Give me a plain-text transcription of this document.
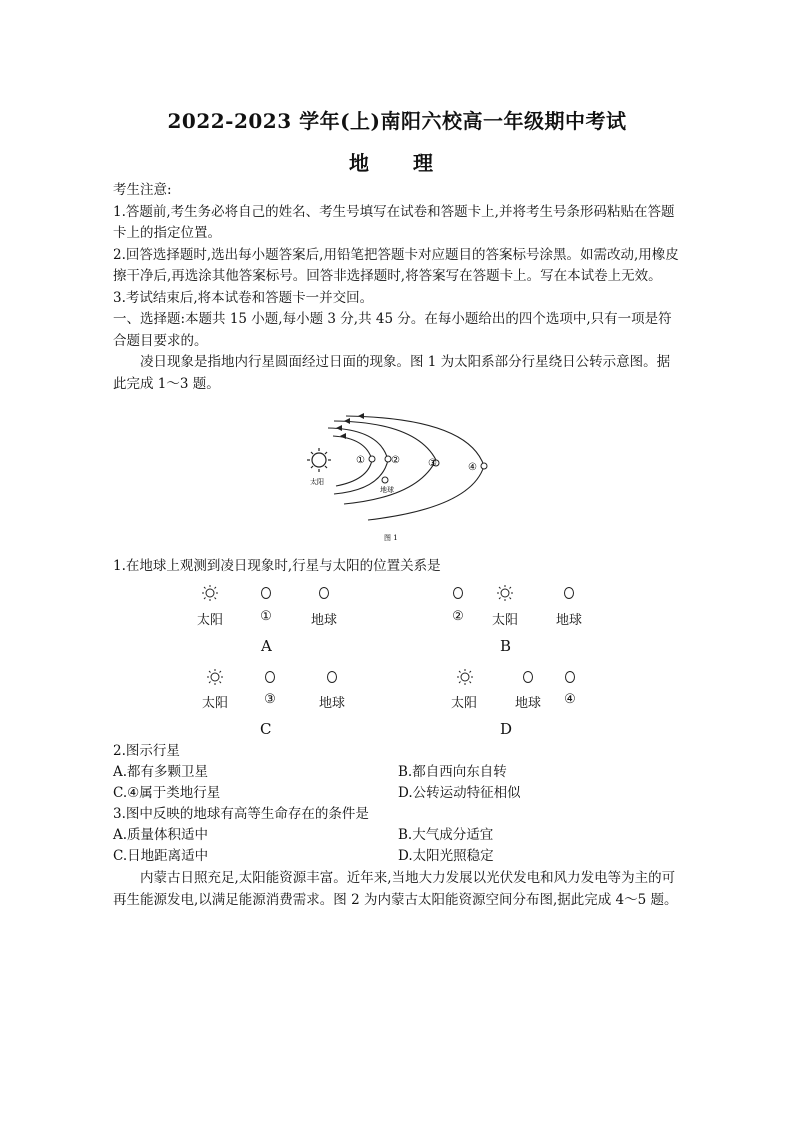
2022-2023 学年(上)南阳六校高一年级期中考试
地　理

考生注意:

1.答题前,考生务必将自己的姓名、考生号填写在试卷和答题卡上,并将考生号条形码粘贴在答题卡上的指定位置。

2.回答选择题时,选出每小题答案后,用铅笔把答题卡对应题目的答案标号涂黑。如需改动,用橡皮擦干净后,再选涂其他答案标号。回答非选择题时,将答案写在答题卡上。写在本试卷上无效。

3.考试结束后,将本试卷和答题卡一并交回。

一、选择题:本题共 15 小题,每小题 3 分,共 45 分。在每小题给出的四个选项中,只有一项是符合题目要求的。

凌日现象是指地内行星圆面经过日面的现象。图 1 为太阳系部分行星绕日公转示意图。据此完成 1～3 题。

太阳
①	②	③	④
地球
图 1

1.在地球上观测到凌日现象时,行星与太阳的位置关系是

太阳	①	地球
A
②	太阳	地球
B
太阳	③	地球
C
太阳	地球	④
D
2.图示行星
A.都有多颗卫星	B.都自西向东自转
C.④属于类地行星	D.公转运动特征相似
3.图中反映的地球有高等生命存在的条件是
A.质量体积适中	B.大气成分适宜
C.日地距离适中	D.太阳光照稳定

内蒙古日照充足,太阳能资源丰富。近年来,当地大力发展以光伏发电和风力发电等为主的可再生能源发电,以满足能源消费需求。图 2 为内蒙古太阳能资源空间分布图,据此完成 4～5 题。
